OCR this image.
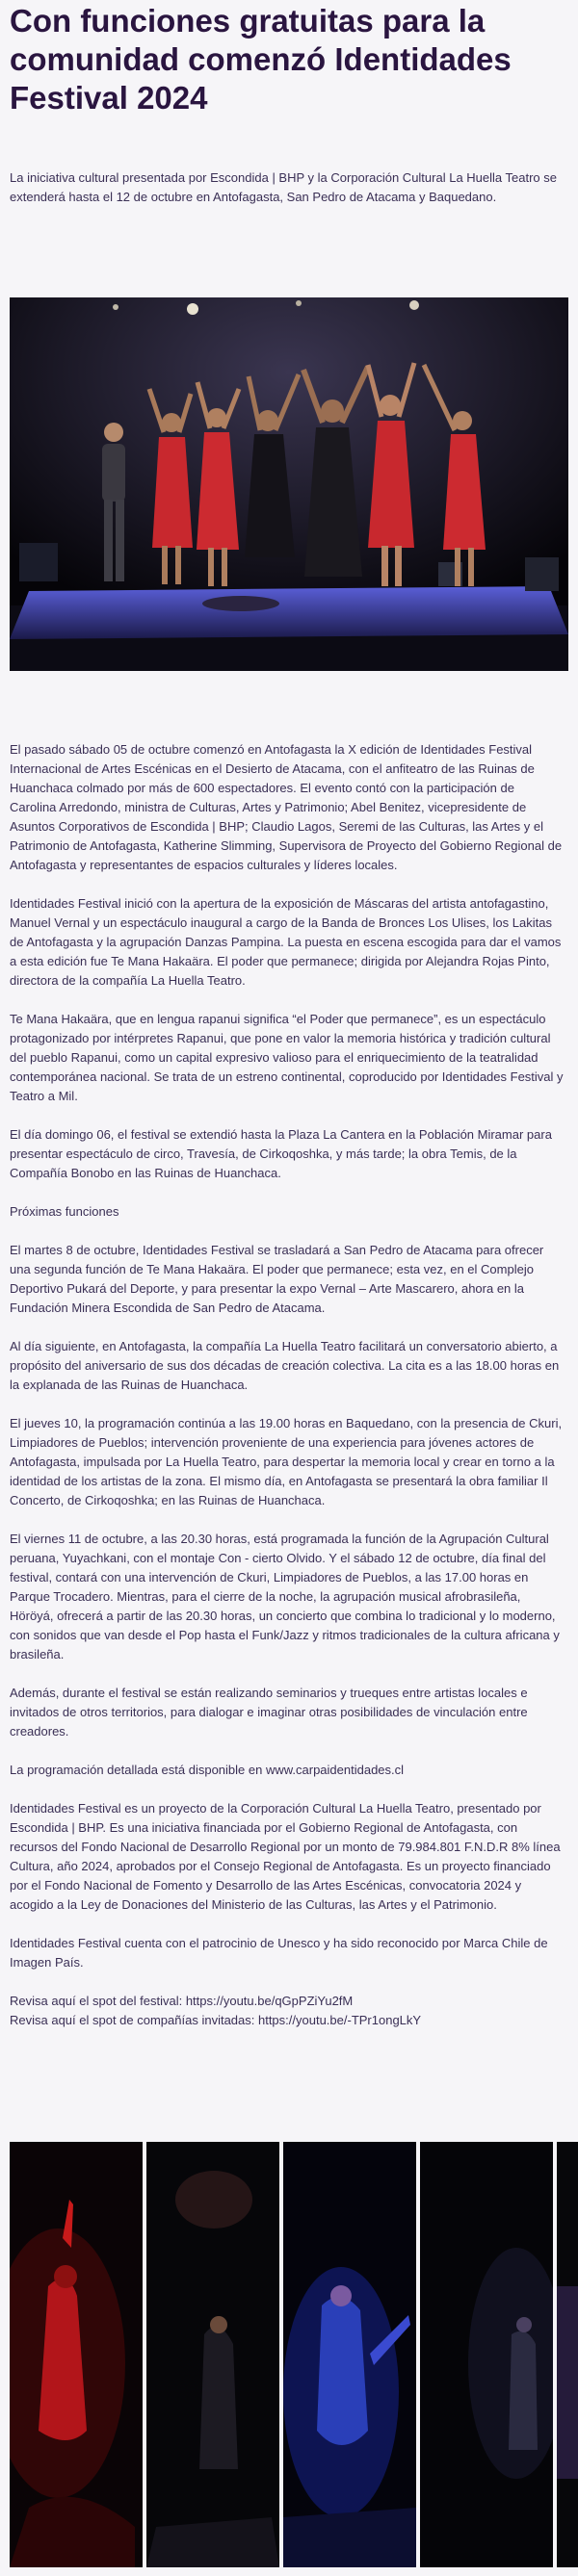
Con funciones gratuitas para la comunidad comenzó Identidades Festival 2024

La iniciativa cultural presentada por Escondida | BHP y la Corporación Cultural La Huella Teatro se extenderá hasta el 12 de octubre en Antofagasta, San Pedro de Atacama y Baquedano.

El pasado sábado 05 de octubre comenzó en Antofagasta la X edición de Identidades Festival Internacional de Artes Escénicas en el Desierto de Atacama, con el anfiteatro de las Ruinas de Huanchaca colmado por más de 600 espectadores. El evento contó con la participación de Carolina Arredondo, ministra de Culturas, Artes y Patrimonio; Abel Benitez, vicepresidente de Asuntos Corporativos de Escondida | BHP; Claudio Lagos, Seremi de las Culturas, las Artes y el Patrimonio de Antofagasta, Katherine Slimming, Supervisora de Proyecto del Gobierno Regional de Antofagasta y representantes de espacios culturales y líderes locales.

Identidades Festival inició con la apertura de la exposición de Máscaras del artista antofagastino, Manuel Vernal y un espectáculo inaugural a cargo de la Banda de Bronces Los Ulises, los Lakitas de Antofagasta y la agrupación Danzas Pampina. La puesta en escena escogida para dar el vamos a esta edición fue Te Mana Hakaära. El poder que permanece; dirigida por Alejandra Rojas Pinto, directora de la compañía La Huella Teatro.

Te Mana Hakaära, que en lengua rapanui significa “el Poder que permanece”, es un espectáculo protagonizado por intérpretes Rapanui, que pone en valor la memoria histórica y tradición cultural del pueblo Rapanui, como un capital expresivo valioso para el enriquecimiento de la teatralidad contemporánea nacional. Se trata de un estreno continental, coproducido por Identidades Festival y Teatro a Mil.

El día domingo 06, el festival se extendió hasta la Plaza La Cantera en la Población Miramar para presentar espectáculo de circo, Travesía, de Cirkoqoshka, y más tarde; la obra Temis, de la Compañía Bonobo en las Ruinas de Huanchaca.

Próximas funciones

El martes 8 de octubre, Identidades Festival se trasladará a San Pedro de Atacama para ofrecer una segunda función de Te Mana Hakaära. El poder que permanece; esta vez, en el Complejo Deportivo Pukará del Deporte, y para presentar la expo Vernal – Arte Mascarero, ahora en la Fundación Minera Escondida de San Pedro de Atacama.

Al día siguiente, en Antofagasta, la compañía La Huella Teatro facilitará un conversatorio abierto, a propósito del aniversario de sus dos décadas de creación colectiva. La cita es a las 18.00 horas en la explanada de las Ruinas de Huanchaca.

El jueves 10, la programación continúa a las 19.00 horas en Baquedano, con la presencia de Ckuri, Limpiadores de Pueblos; intervención proveniente de una experiencia para jóvenes actores de Antofagasta, impulsada por La Huella Teatro, para despertar la memoria local y crear en torno a la identidad de los artistas de la zona. El mismo día, en Antofagasta se presentará la obra familiar Il Concerto, de Cirkoqoshka; en las Ruinas de Huanchaca.

El viernes 11 de octubre, a las 20.30 horas, está programada la función de la Agrupación Cultural peruana, Yuyachkani, con el montaje Con - cierto Olvido. Y el sábado 12 de octubre, día final del festival, contará con una intervención de Ckuri, Limpiadores de Pueblos, a las 17.00 horas en Parque Trocadero. Mientras, para el cierre de la noche, la agrupación musical afrobrasileña, Höröyá, ofrecerá a partir de las 20.30 horas, un concierto que combina lo tradicional y lo moderno, con sonidos que van desde el Pop hasta el Funk/Jazz y ritmos tradicionales de la cultura africana y brasileña.

Además, durante el festival se están realizando seminarios y trueques entre artistas locales e invitados de otros territorios, para dialogar e imaginar otras posibilidades de vinculación entre creadores.

La programación detallada está disponible en www.carpaidentidades.cl

Identidades Festival es un proyecto de la Corporación Cultural La Huella Teatro, presentado por Escondida | BHP. Es una iniciativa financiada por el Gobierno Regional de Antofagasta, con recursos del Fondo Nacional de Desarrollo Regional por un monto de 79.984.801 F.N.D.R 8% línea Cultura, año 2024, aprobados por el Consejo Regional de Antofagasta. Es un proyecto financiado por el Fondo Nacional de Fomento y Desarrollo de las Artes Escénicas, convocatoria 2024 y acogido a la Ley de Donaciones del Ministerio de las Culturas, las Artes y el Patrimonio.

Identidades Festival cuenta con el patrocinio de Unesco y ha sido reconocido por Marca Chile de Imagen País.

Revisa aquí el spot del festival: https://youtu.be/qGpPZiYu2fM

Revisa aquí el spot de compañías invitadas: https://youtu.be/-TPr1ongLkY
